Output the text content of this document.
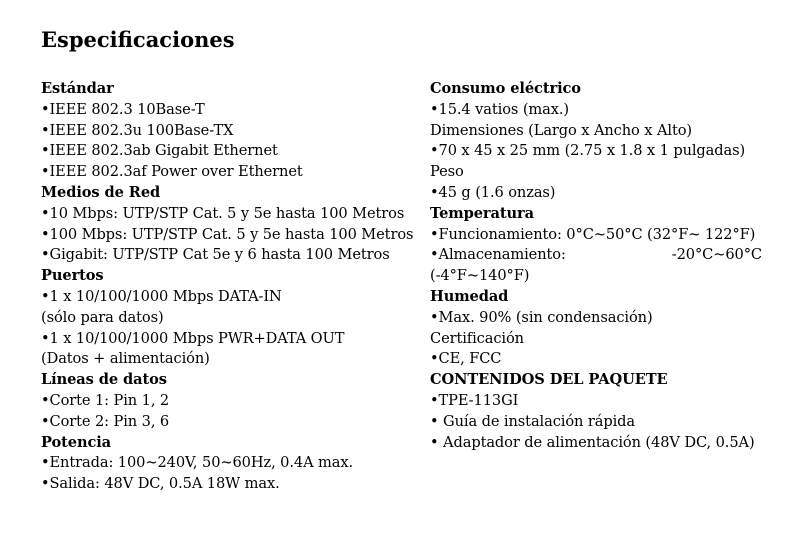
Especificaciones
Estándar
•IEEE 802.3 10Base-T
•IEEE 802.3u 100Base-TX
•IEEE 802.3ab Gigabit Ethernet
•IEEE 802.3af Power over Ethernet
Medios de Red
•10 Mbps: UTP/STP Cat. 5 y 5e hasta 100 Metros
•100 Mbps: UTP/STP Cat. 5 y 5e hasta 100 Metros
•Gigabit: UTP/STP Cat 5e y 6 hasta 100 Metros
Puertos
•1 x 10/100/1000 Mbps DATA-IN
(sólo para datos)
•1 x 10/100/1000 Mbps PWR+DATA OUT
(Datos + alimentación)
Líneas de datos
•Corte 1: Pin 1, 2
•Corte 2: Pin 3, 6
Potencia
•Entrada: 100~240V, 50~60Hz, 0.4A max.
•Salida: 48V DC, 0.5A 18W max.
Consumo eléctrico
•15.4 vatios (max.)
Dimensiones (Largo x Ancho x Alto)
•70 x 45 x 25 mm (2.75 x 1.8 x 1 pulgadas)
Peso
•45 g (1.6 onzas)
Temperatura
•Funcionamiento: 0°C~50°C (32°F~ 122°F)
•Almacenamiento:	-20°C~60°C
(-4°F~140°F)
Humedad
•Max. 90% (sin condensación)
Certificación
•CE, FCC
CONTENIDOS DEL PAQUETE
•TPE-113GI
• Guía de instalación rápida
• Adaptador de alimentación (48V DC, 0.5A)
